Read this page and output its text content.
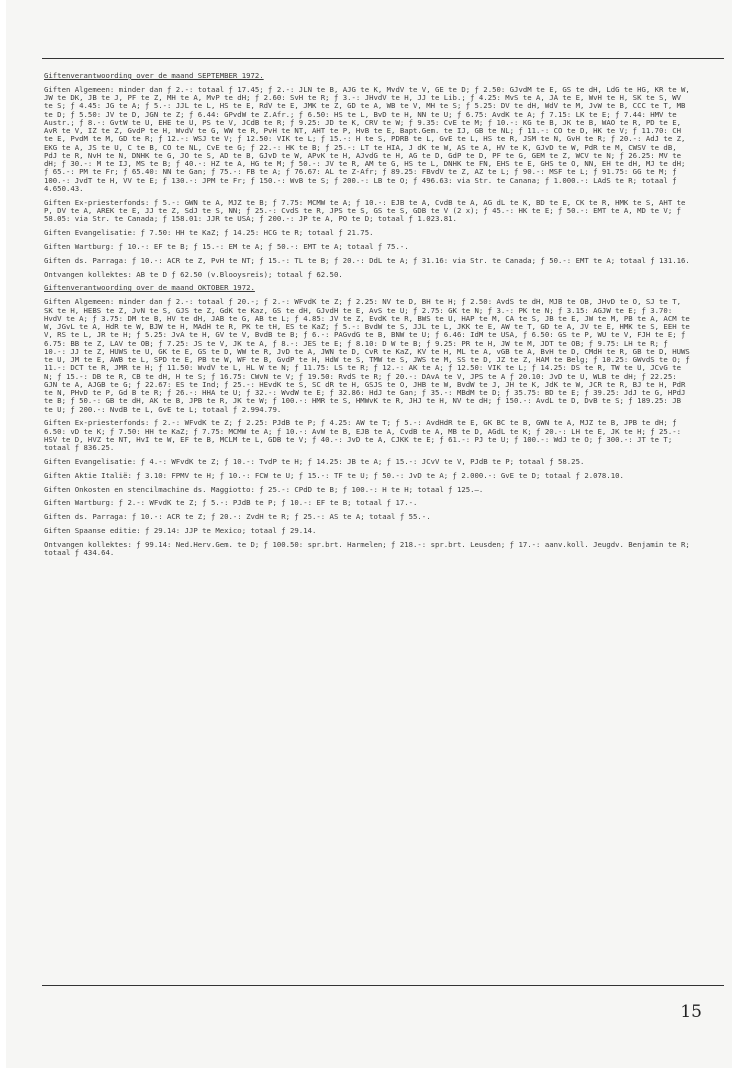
Giftenverantwoording over de maand SEPTEMBER 1972.
Giften Algemeen: minder dan ƒ 2.-: totaal ƒ 17.45; ƒ 2.-: JLN te B, AJG te K, MvdV te V, GE te D; ƒ 2.50: GJvdM te E, GS te dH, LdG te HG, KR te W, JW te DK, JB te J, PF te Z, MH te A, MvP te dH; ƒ 2.60: SvH te R; ƒ 3.-: JHvdV te H, JJ te Lib.; ƒ 4.25: MvS te A, JA te E, WvH te H, SK te S, WV te S; ƒ 4.45: JG te A; ƒ 5.-: JJL te L, HS te E, RdV te E, JMK te Z, GD te A, WB te V, MH te S; ƒ 5.25: DV te dH, WdV te M, JvW te B, CCC te T, MB te D; ƒ 5.50: JV te D, JGN te Z; ƒ 6.44: GPvdW te Z.Afr.; ƒ 6.50: HS te L, BvD te H, NN te U; ƒ 6.75: AvdK te A; ƒ 7.15: LK te E; ƒ 7.44: HMV te Austr.; ƒ 8.-: GvtW te U, EHE te U, PS te V, JCdB te R; ƒ 9.25: JD te K, CRV te W; ƒ 9.35: CvE te M; ƒ 10.-: KG te B, JK te B, WAO te R, PD te E, AvR te V, IZ te Z, GvdP te H, WvdV te G, WW te R, PvH te NT, AHT te P, HvB te E, Bapt.Gem. te IJ, GB te NL; ƒ 11.-: CO te D, HK te V; ƒ 11.70: CH te E, PvdM te M, GD te R; ƒ 12.-: WSJ te V; ƒ 12.50: VIK te L; ƒ 15.-: H te S, PDRB te L, GvE te L, HS te R, JSM te N, GvH te R; ƒ 20.-: AdJ te Z, EKG te A, JS te U, C te B, CO te NL, CvE te G; ƒ 22.-: HK te B; ƒ 25.-: LT te HIA, J dK te W, AS te A, HV te K, GJvD te W, PdR te M, CWSV te dB, PdJ te R, NvH te N, DNHK te G, JO te S, AD te B, GJvD te W, APvK te H, AJvdG te H, AG te D, GdP te D, PF te G, GEM te Z, WCV te N; ƒ 26.25: MV te dH; ƒ 30.-: M te IJ, MS te B; ƒ 40.-: HZ te A, HG te M; ƒ 50.-: JV te R, AM te G, HS te L, DNHK te FN, EHS te E, GHS te O, NN, EH te dH, MJ te dH; ƒ 65.-: PM te Fr; ƒ 65.40: NN te Gan; ƒ 75.-: FB te A; ƒ 76.67: AL te Z-Afr; ƒ 89.25: FBvdV te Z, AZ te L; ƒ 90.-: MSF te L; ƒ 91.75: GG te M; ƒ 100.-: JvdT te H, VV te E; ƒ 130.-: JPM te Fr; ƒ 150.-: WvB te S; ƒ 200.-: LB te O; ƒ 496.63: via Str. te Canana; ƒ 1.000.-: LAdS te R; totaal ƒ 4.650.43.
Giften Ex-priesterfonds: ƒ 5.-: GWN te A, MJZ te B; ƒ 7.75: MCMW te A; ƒ 10.-: EJB te A, CvdB te A, AG dL te K, BD te E, CK te R, HMK te S, AHT te P, DV te A, AREK te E, JJ te Z, SdJ te S, NN; ƒ 25.-: CvdS te R, JPS te S, GS te S, GDB te V (2 x); ƒ 45.-: HK te E; ƒ 50.-: EMT te A, MD te V; ƒ 58.05: via Str. te Canada; ƒ 158.01: JJR te USA; ƒ 200.-: JP te A, PO te D; totaal ƒ 1.023.81.
Giften Evangelisatie: ƒ 7.50: HH te KaZ; ƒ 14.25: HCG te R; totaal ƒ 21.75.
Giften Wartburg: ƒ 10.-: EF te B; ƒ 15.-: EM te A; ƒ 50.-: EMT te A; totaal ƒ 75.-.
Giften ds. Parraga: ƒ 10.-: ACR te Z, PvH te NT; ƒ 15.-: TL te B; ƒ 20.-: DdL te A; ƒ 31.16: via Str. te Canada; ƒ 50.-: EMT te A; totaal ƒ 131.16.
Ontvangen kollektes: AB te D ƒ 62.50 (v.Blooysreis); totaal ƒ 62.50.
Giftenverantwoording over de maand OKTOBER 1972.
Giften Algemeen: minder dan ƒ 2.-: totaal ƒ 20.-; ƒ 2.-: WFvdK te Z; ƒ 2.25: NV te D, BH te H; ƒ 2.50: AvdS te dH, MJB te OB, JHvD te O, SJ te T, SK te H, HEBS te Z, JvN te S, GJS te Z, GdK te Kaz, GS te dH, GJvdH te E, AvS te U; ƒ 2.75: GK te N; ƒ 3.-: PK te N; ƒ 3.15: AGJW te E; ƒ 3.70: HvdV te A; ƒ 3.75: DM te B, HV te dH, JAB te G, AB te L; ƒ 4.85: JV te Z, EvdK te R, BWS te U, HAP te M, CA te S, JB te E, JW te M, PB te A, ACM te W, JGvL te A, HdR te W, BJW te H, MAdH te R, PK te tH, ES te KaZ; ƒ 5.-: BvdW te S, JJL te L, JKK te E, AW te T, GD te A, JV te E, HMK te S, EEH te V, RS te L, JR te H; ƒ 5.25: JvA te H, GV te V, BvdB te B; ƒ 6.-: PAGvdG te B, BNW te U; ƒ 6.46: IdM te USA, ƒ 6.50: GS te P, WU te V, FJH te E; ƒ 6.75: BB te Z, LAV te OB; ƒ 7.25: JS te V, JK te A, ƒ 8.-: JES te E; ƒ 8.10: D W te B; ƒ 9.25: PR te H, JW te M, JDT te OB; ƒ 9.75: LH te R; ƒ 10.-: JJ te Z, HUWS te U, GK te E, GS te D, WW te R, JvD te A, JWN te D, CvR te KaZ, KV te H, ML te A, vGB te A, BvH te D, CMdH te R, GB te D, HUWS te U, JM te E, AWB te L, SPD te E, PB te W, WF te B, GvdP te H, HdW te S, TMW te S, JWS te M, SS te D, JZ te Z, HAM te Belg; ƒ 10.25: GWvdS te O; ƒ 11.-: DCT te R, JMR te H; ƒ 11.50: WvdV te L, HL W te N; ƒ 11.75: LS te R; ƒ 12.-: AK te A; ƒ 12.50: VIK te L; ƒ 14.25: DS te R, TW te U, JCvG te N; ƒ 15.-: DB te R, CB te dH, H te S; ƒ 16.75: CWvN te V; ƒ 19.50: RvdS te R; ƒ 20.-: DAvA te V, JPS te A ƒ 20.10: JvD te U, WLB te dH; ƒ 22.25: GJN te A, AJGB te G; ƒ 22.67: ES te Ind; ƒ 25.-: HEvdK te S, SC dR te H, GSJS te O, JHB te W, BvdW te J, JH te K, JdK te W, JCR te R, BJ te H, PdR te N, PHvD te P, Gd B te R; ƒ 26.-: HHA te U; ƒ 32.-: WvdW te E; ƒ 32.86: HdJ te Gan; ƒ 35.-: MBdM te D; ƒ 35.75: BD te E; ƒ 39.25: JdJ te G, HPdJ te B; ƒ 50.-: GB te dH, AK te B, JPB te R, JK te W; ƒ 100.-: HMR te S, HMWvK te R, JHJ te H, NV te dH; ƒ 150.-: AvdL te D, DvB te S; ƒ 189.25: JB te U; ƒ 200.-: NvdB te L, GvE te L; totaal ƒ 2.994.79.
Giften Ex-priesterfonds: ƒ 2.-: WFvdK te Z; ƒ 2.25: PJdB te P; ƒ 4.25: AW te T; ƒ 5.-: AvdHdR te E, GK BC te B, GWN te A, MJZ te B, JPB te dH; ƒ 6.50: vD te K; ƒ 7.50: HH te KaZ; ƒ 7.75: MCMW te A; ƒ 10.-: AvW te B, EJB te A, CvdB te A, MB te D, AGdL te K; ƒ 20.-: LH te E, JK te H; ƒ 25.-: HSV te D, HVZ te NT, HvI te W, EF te B, MCLM te L, GDB te V; ƒ 40.-: JvD te A, CJKK te E; ƒ 61.-: PJ te U; ƒ 100.-: WdJ te O; ƒ 300.-: JT te T; totaal ƒ 836.25.
Giften Evangelisatie: ƒ 4.-: WFvdK te Z; ƒ 10.-: TvdP te H; ƒ 14.25: JB te A; ƒ 15.-: JCvV te V, PJdB te P; totaal ƒ 58.25.
Giften Aktie Italië: ƒ 3.10: FPMV te H; ƒ 10.-: FCW te U; ƒ 15.-: TF te U; ƒ 50.-: JvD te A; ƒ 2.000.-: GvE te D; totaal ƒ 2.078.10.
Giften Onkosten en stencilmachine ds. Maggiotto: ƒ 25.-: CPdD te B; ƒ 100.-: H te H; totaal ƒ 125.—.
Giften Wartburg: ƒ 2.-: WFvdK te Z; ƒ 5.-: PJdB te P; ƒ 10.-: EF te B; totaal ƒ 17.-.
Giften ds. Parraga: ƒ 10.-: ACR te Z; ƒ 20.-: ZvdH te R; ƒ 25.-: AS te A; totaal ƒ 55.-.
Giften Spaanse editie: ƒ 29.14: JJP te Mexico; totaal ƒ 29.14.
Ontvangen kollektes: ƒ 99.14: Ned.Herv.Gem. te D; ƒ 100.50: spr.brt. Harmelen; ƒ 218.-: spr.brt. Leusden; ƒ 17.-: aanv.koll. Jeugdv. Benjamin te R; totaal ƒ 434.64.
15
